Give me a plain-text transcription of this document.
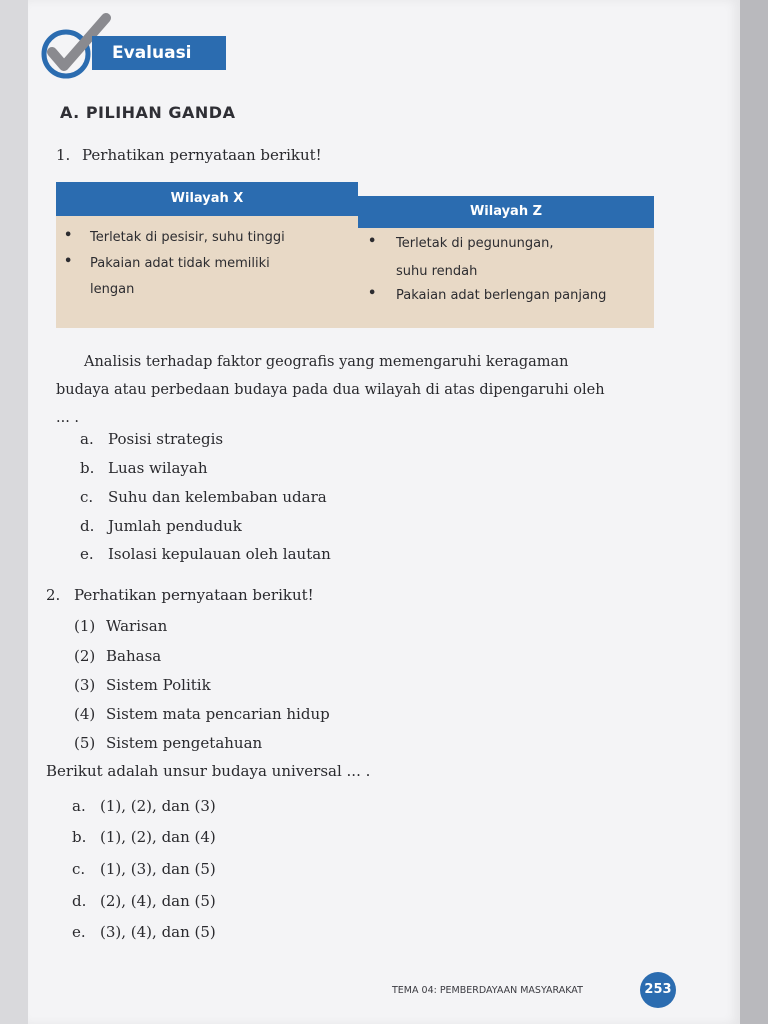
Evaluasi
A. PILIHAN GANDA
1. Perhatikan pernyataan berikut!
Wilayah X
Wilayah Z
• Terletak di pesisir, suhu tinggi
• Pakaian adat tidak memiliki
lengan
• Terletak di pegunungan,
suhu rendah
• Pakaian adat berlengan panjang
Analisis terhadap faktor geografis yang memengaruhi keragaman
budaya atau perbedaan budaya pada dua wilayah di atas dipengaruhi oleh
... .
a. Posisi strategis
b. Luas wilayah
c. Suhu dan kelembaban udara
d. Jumlah penduduk
e. Isolasi kepulauan oleh lautan
2. Perhatikan pernyataan berikut!
(1) Warisan
(2) Bahasa
(3) Sistem Politik
(4) Sistem mata pencarian hidup
(5) Sistem pengetahuan
Berikut adalah unsur budaya universal ... .
a. (1), (2), dan (3)
b. (1), (2), dan (4)
c. (1), (3), dan (5)
d. (2), (4), dan (5)
e. (3), (4), dan (5)
TEMA 04: PEMBERDAYAAN MASYARAKAT	253
